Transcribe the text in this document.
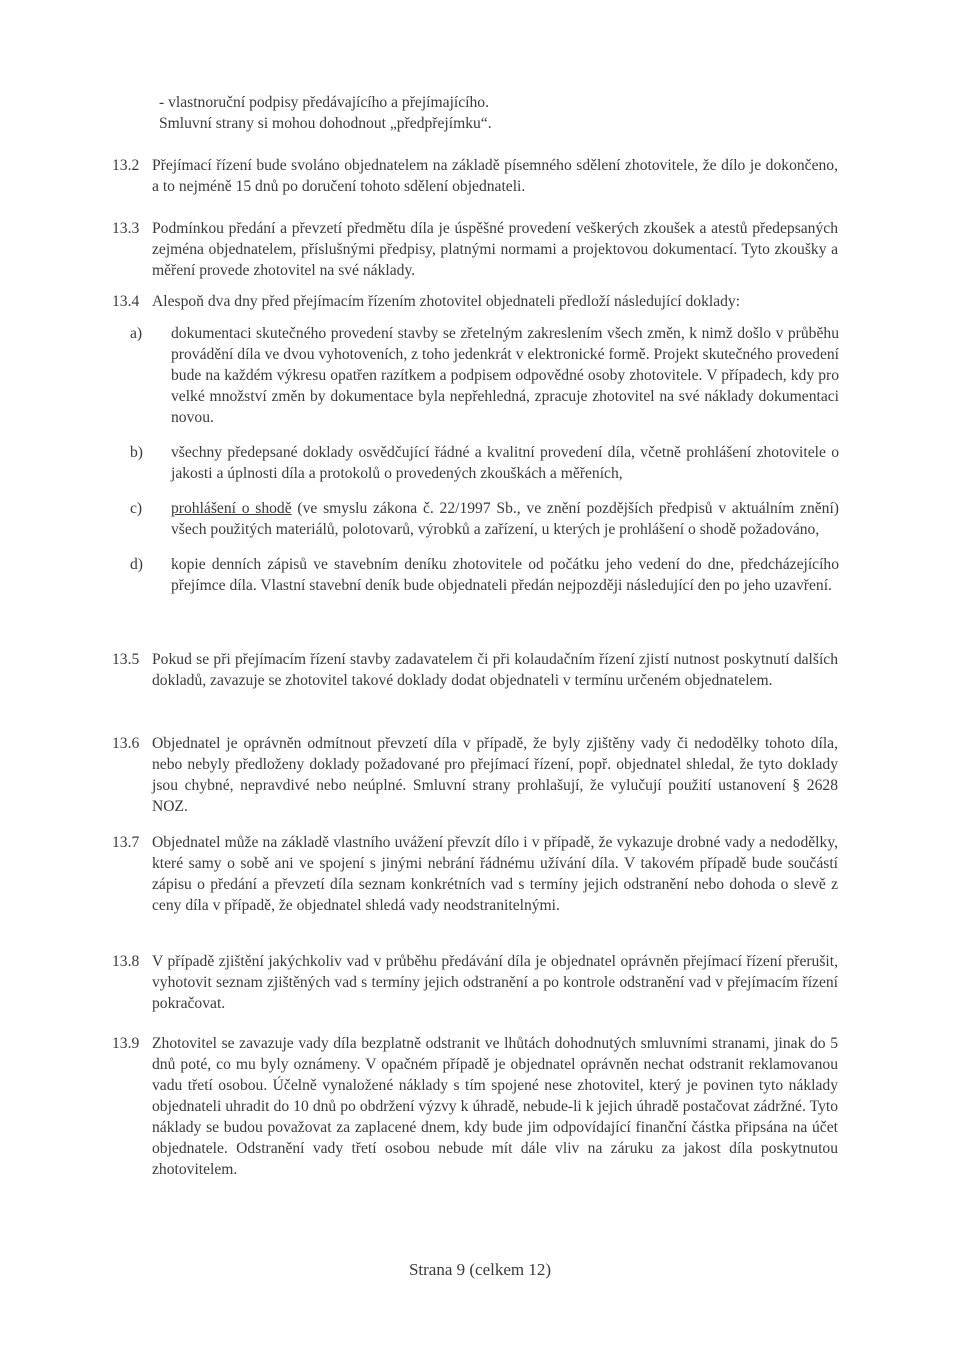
- vlastnoruční podpisy předávajícího a přejímajícího.
Smluvní strany si mohou dohodnout „předpřejímku“.
13.2 Přejímací řízení bude svoláno objednatelem na základě písemného sdělení zhotovitele, že dílo je dokončeno, a to nejméně 15 dnů po doručení tohoto sdělení objednateli.
13.3 Podmínkou předání a převzetí předmětu díla je úspěšné provedení veškerých zkoušek a atestů předepsaných zejména objednatelem, příslušnými předpisy, platnými normami a projektovou dokumentací. Tyto zkoušky a měření provede zhotovitel na své náklady.
13.4 Alespoň dva dny před přejímacím řízením zhotovitel objednateli předloží následující doklady:
a)	dokumentaci skutečného provedení stavby se zřetelným zakreslením všech změn, k nimž došlo v průběhu provádění díla ve dvou vyhotoveních, z toho jedenkrát v elektronické formě. Projekt skutečného provedení bude na každém výkresu opatřen razítkem a podpisem odpovědné osoby zhotovitele. V případech, kdy pro velké množství změn by dokumentace byla nepřehledná, zpracuje zhotovitel na své náklady dokumentaci novou.
b)	všechny předepsané doklady osvědčující řádné a kvalitní provedení díla, včetně prohlášení zhotovitele o jakosti a úplnosti díla a protokolů o provedených zkouškách a měřeních,
c)	prohlášení o shodě (ve smyslu zákona č. 22/1997 Sb., ve znění pozdějších předpisů v aktuálním znění) všech použitých materiálů, polotovarů, výrobků a zařízení, u kterých je prohlášení o shodě požadováno,
d)	kopie denních zápisů ve stavebním deníku zhotovitele od počátku jeho vedení do dne, předcházejícího přejímce díla. Vlastní stavební deník bude objednateli předán nejpozději následující den po jeho uzavření.
13.5 Pokud se při přejímacím řízení stavby zadavatelem či při kolaudačním řízení zjistí nutnost poskytnutí dalších dokladů, zavazuje se zhotovitel takové doklady dodat objednateli v termínu určeném objednatelem.
13.6 Objednatel je oprávněn odmítnout převzetí díla v případě, že byly zjištěny vady či nedodělky tohoto díla, nebo nebyly předloženy doklady požadované pro přejímací řízení, popř. objednatel shledal, že tyto doklady jsou chybné, nepravdivé nebo neúplné. Smluvní strany prohlašují, že vylučují použití ustanovení § 2628 NOZ.
13.7 Objednatel může na základě vlastního uvážení převzít dílo i v případě, že vykazuje drobné vady a nedodělky, které samy o sobě ani ve spojení s jinými nebrání řádnému užívání díla. V takovém případě bude součástí zápisu o předání a převzetí díla seznam konkrétních vad s termíny jejich odstranění nebo dohoda o slevě z ceny díla v případě, že objednatel shledá vady neodstranitelnými.
13.8 V případě zjištění jakýchkoliv vad v průběhu předávání díla je objednatel oprávněn přejímací řízení přerušit, vyhotovit seznam zjištěných vad s termíny jejich odstranění a po kontrole odstranění vad v přejímacím řízení pokračovat.
13.9 Zhotovitel se zavazuje vady díla bezplatně odstranit ve lhůtách dohodnutých smluvními stranami, jinak do 5 dnů poté, co mu byly oznámeny. V opačném případě je objednatel oprávněn nechat odstranit reklamovanou vadu třetí osobou. Účelně vynaložené náklady s tím spojené nese zhotovitel, který je povinen tyto náklady objednateli uhradit do 10 dnů po obdržení výzvy k úhradě, nebude-li k jejich úhradě postačovat zádržné. Tyto náklady se budou považovat za zaplacené dnem, kdy bude jim odpovídající finanční částka připsána na účet objednatele. Odstranění vady třetí osobou nebude mít dále vliv na záruku za jakost díla poskytnutou zhotovitelem.
Strana 9 (celkem 12)
